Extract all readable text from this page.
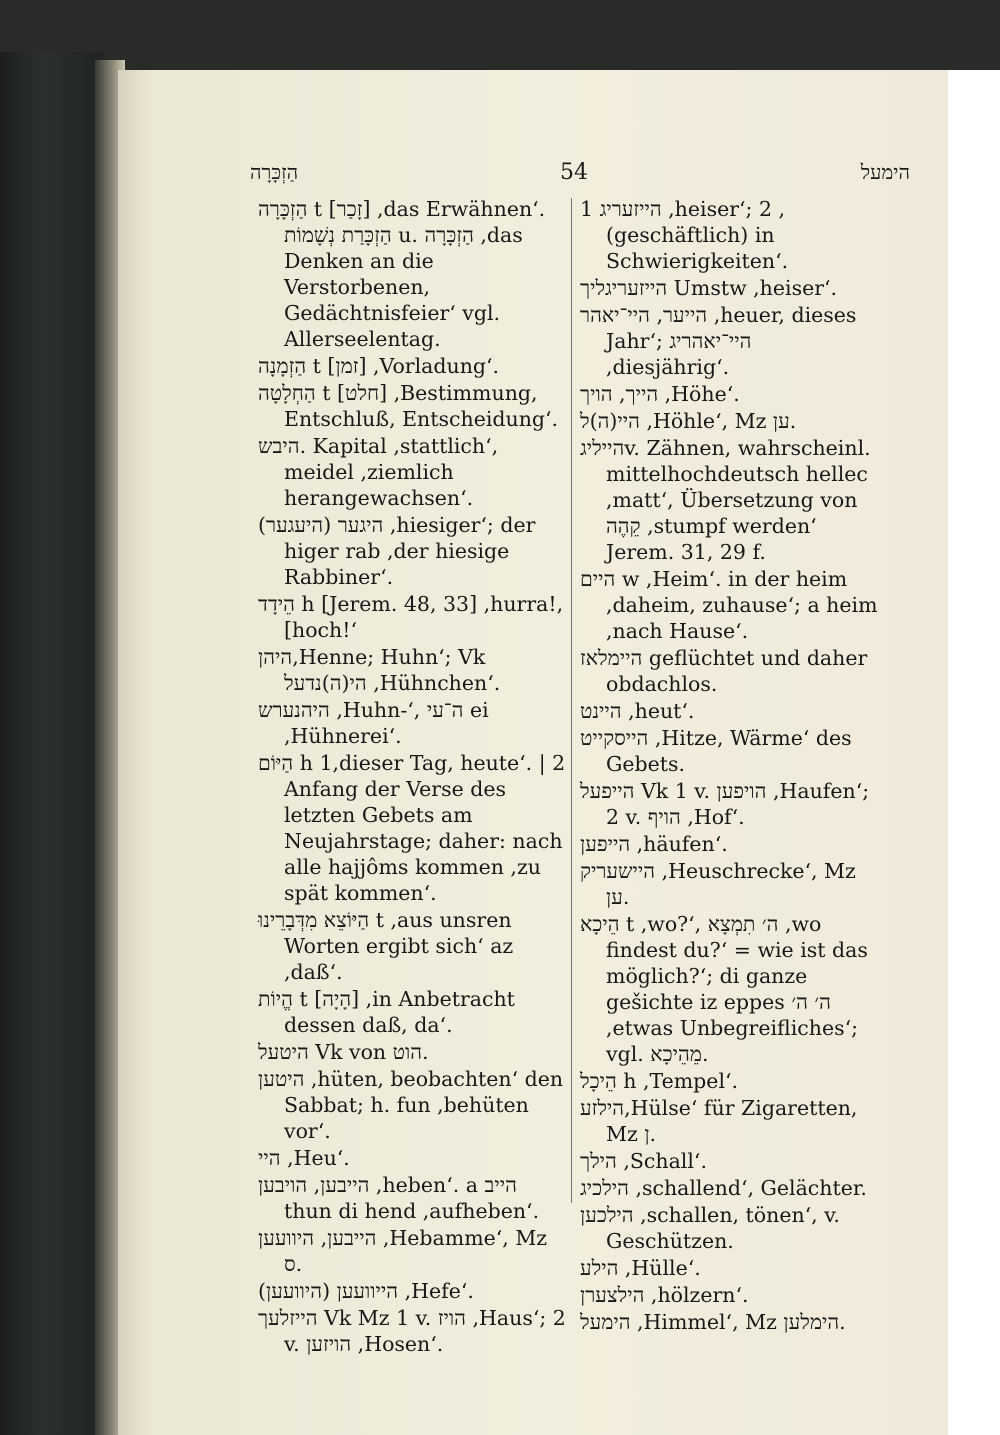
הַזְכָּרָה	54	הימעל

הַזְכָּרָה t [זָכַר] ,das Erwähnen‘. הַזְכָּרַת נְשָׁמוֹת u. הַזְכָּרָה ,das Denken an die Verstorbenen, Gedächtnisfeier‘ vgl. Allerseelentag.

הַזְמָנָה t [זמן] ,Vorladung‘.

הַחְלָטָה t [חלט] ,Bestimmung, Entschluß, Entscheidung‘.

היבש. Kapital ,stattlich‘, meidel ,ziemlich herangewachsen‘.

היגער (היעגער) ,hiesiger‘; der higer rab ,der hiesige Rabbiner‘.

הֵידָד h [Jerem. 48, 33] ,hurra!, [hoch!‘

היהן,Henne; Huhn‘; Vk הי(ה)נדעל ,Hühnchen‘.

היהנערש ,Huhn-‘, ה־עי ei ,Hühnerei‘.

הַיּוֹם h 1,dieser Tag, heute‘. | 2 Anfang der Verse des letzten Gebets am Neujahrstage; daher: nach alle hajjôms kommen ,zu spät kommen‘.

הַיּוֹצֵא מִדְּבָרֵינוּ t ,aus unsren Worten ergibt sich‘ az ,daß‘.

הֱיוֹת t [הָיָה] ,in Anbetracht dessen daß, da‘.

היטעל Vk von הוט.

היטען ,hüten, beobachten‘ den Sabbat; h. fun ,behüten vor‘.

היי ,Heu‘.

הייבען, הויבען ,heben‘. a הייב thun di hend ,aufheben‘.

הייבען, היוועען ,Hebamme‘, Mz ס.

הייוועען (היוועען) ,Hefe‘.

הייזלעך Vk Mz 1 v. הויז ,Haus‘; 2 v. הויזען ,Hosen‘.

הייזעריג 1 ,heiser‘; 2 ,(geschäftlich) in Schwierigkeiten‘.

הייזעריגליך Umstw ,heiser‘.

הייער, היי־יאהר ,heuer, dieses Jahr‘; היי־יאהריג ,diesjährig‘.

הייך, הויך ,Höhe‘.

היי(ה)ל ,Höhle‘, Mz ען.

הייליגv. Zähnen, wahrscheinl. mittelhochdeutsch hellec ,matt‘, Übersetzung von קֵהֶה ,stumpf werden‘ Jerem. 31, 29 f.

היים w ,Heim‘. in der heim ,daheim, zuhause‘; a heim ,nach Hause‘.

היימלאז geflüchtet und daher obdachlos.

היינט ,heut‘.

הייסקייט ,Hitze, Wärme‘ des Gebets.

הייפעל Vk 1 v. הויפען ,Haufen‘; 2 v. הויף ,Hof‘.

הייפען ,häufen‘.

היישעריק ,Heuschrecke‘, Mz ען.

הֵיכָא t ,wo?‘, ה׳ תִמְצָא ,wo findest du?‘ = wie ist das möglich?‘; di ganze gešichte iz eppes ה׳ ה׳ ,etwas Unbegreifliches‘; vgl. מֵהֵיכָא.

הֵיכָל h ,Tempel‘.

הילזע,Hülse‘ für Zigaretten, Mz ן.

הילך ,Schall‘.

הילכיג ,schallend‘, Gelächter.

הילכען ,schallen, tönen‘, v. Geschützen.

הילע ,Hülle‘.

הילצערן ,hölzern‘.

הימעל ,Himmel‘, Mz הימלען.
